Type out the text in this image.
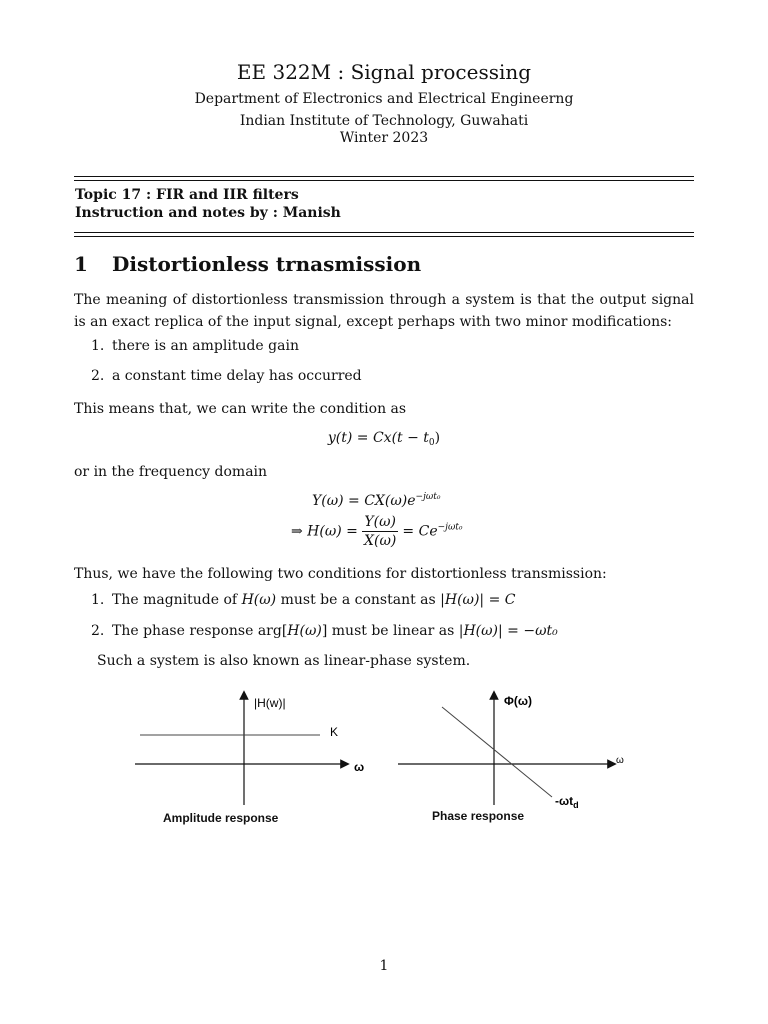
EE 322M : Signal processing
Department of Electronics and Electrical Engineerng
Indian Institute of Technology, Guwahati
Winter 2023
Topic 17 : FIR and IIR filters
Instruction and notes by : Manish
1 Distortionless trnasmission
The meaning of distortionless transmission through a system is that the output signal is an exact replica of the input signal, except perhaps with two minor modifications:
1. there is an amplitude gain
2. a constant time delay has occurred
This means that, we can write the condition as
$y(t) = Cx(t - t_0)$
or in the frequency domain
$Y(\omega) = CX(\omega)e^{-j\omega t_0}$
⇒ $H(\omega) = \frac{Y(\omega)}{X(\omega)} = Ce^{-j\omega t_0}$
Thus, we have the following two conditions for distortionless transmission:
1. The magnitude of H(ω) must be a constant as |H(ω)| = C
2. The phase response arg[H(ω)] must be linear as |H(ω)| = −ωt₀
Such a system is also known as linear-phase system.
|H(w)|
K
ω
Amplitude response
Φ(ω)
ω
$-\omega t_d$
Phase response
1
